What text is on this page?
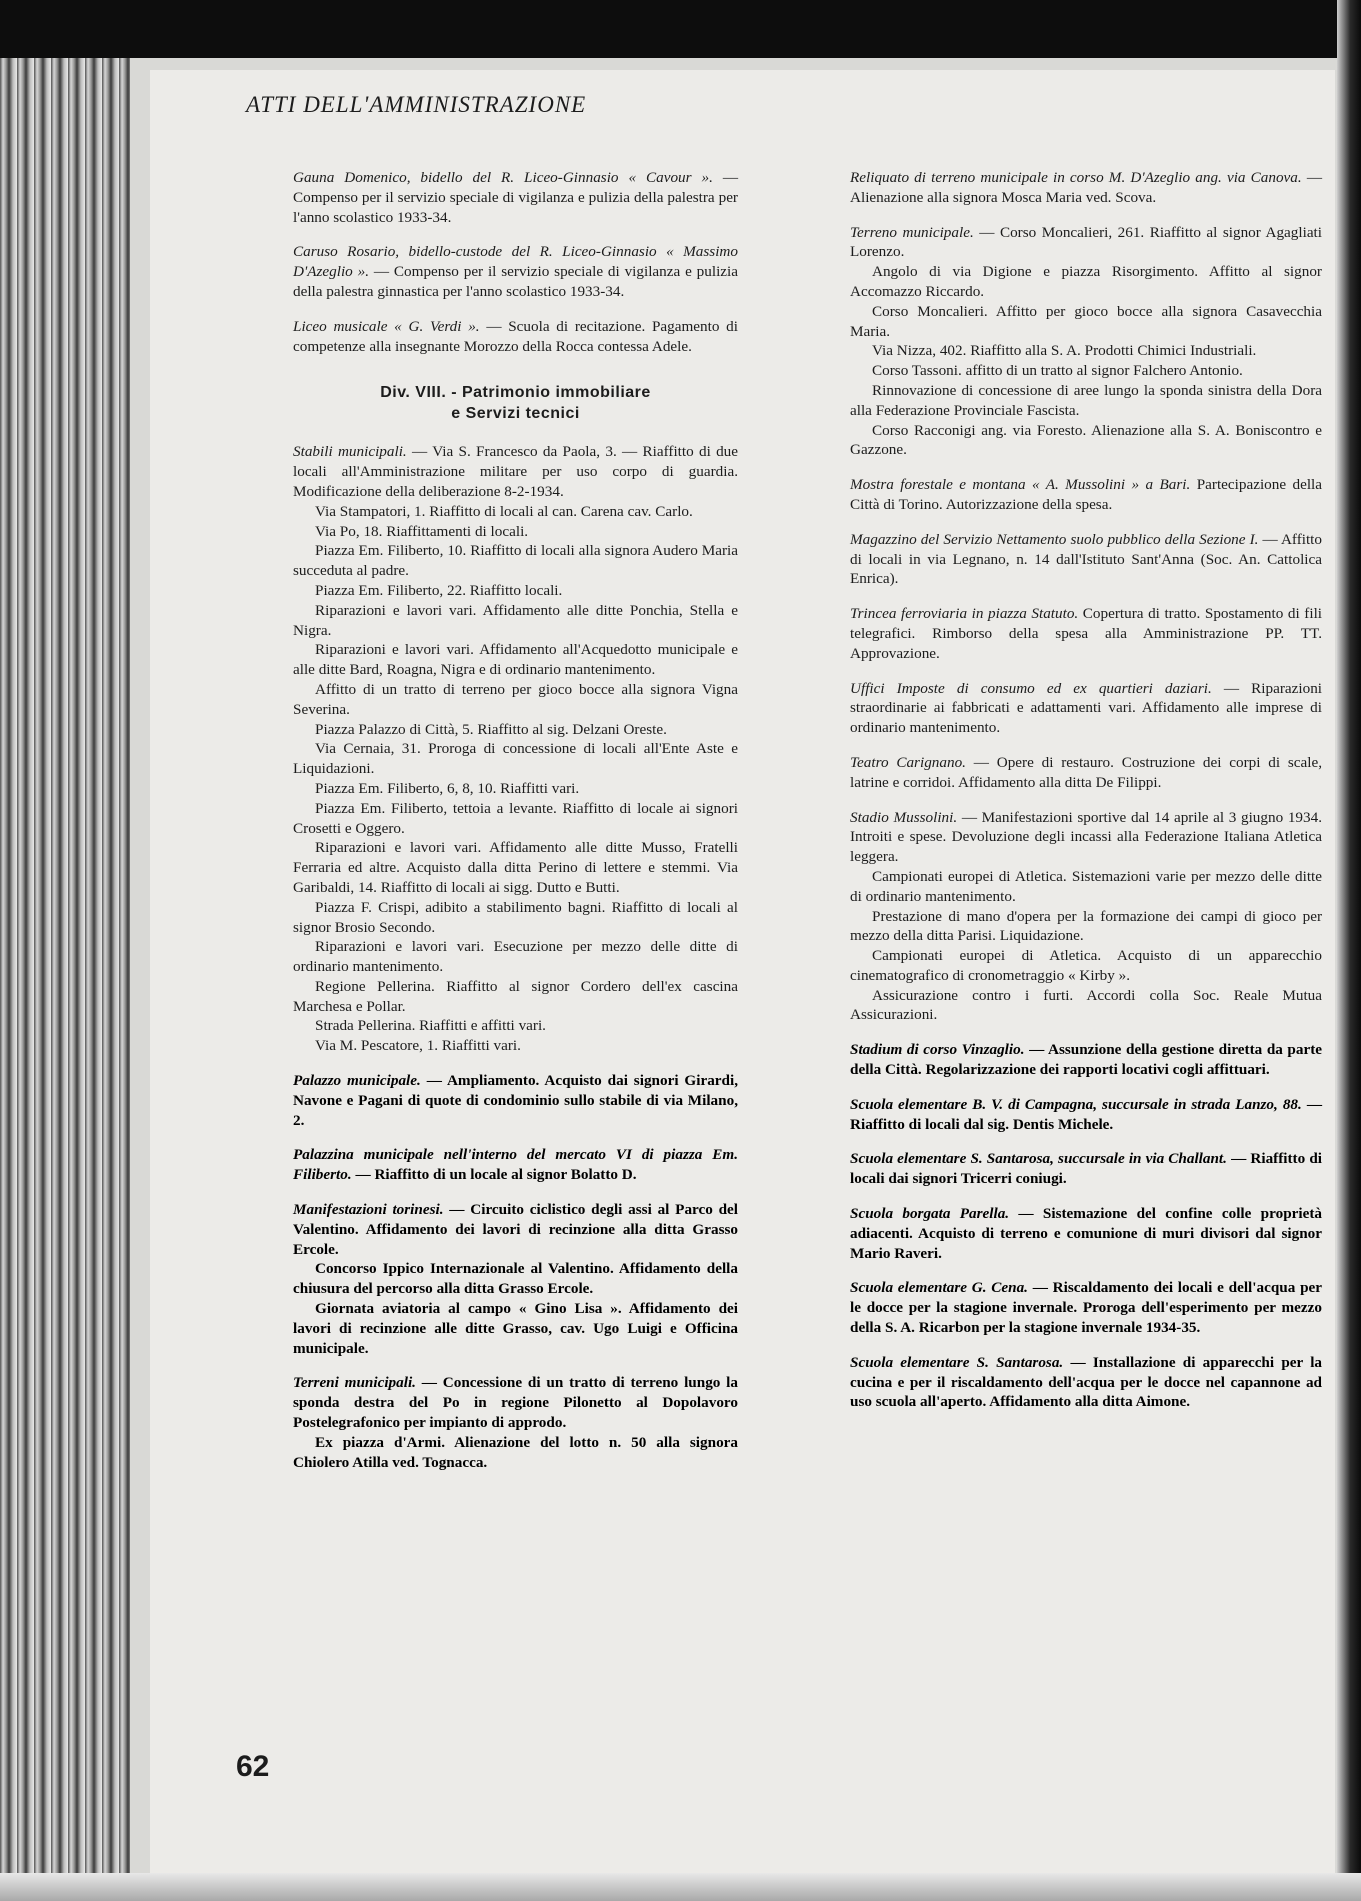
ATTI DELL'AMMINISTRAZIONE

Gauna Domenico, bidello del R. Liceo-Ginnasio « Cavour ». — Compenso per il servizio speciale di vigilanza e pulizia della palestra per l'anno scolastico 1933-34.

Caruso Rosario, bidello-custode del R. Liceo-Ginnasio « Massimo D'Azeglio ». — Compenso per il servizio speciale di vigilanza e pulizia della palestra ginnastica per l'anno scolastico 1933-34.

Liceo musicale « G. Verdi ». — Scuola di recitazione. Pagamento di competenze alla insegnante Morozzo della Rocca contessa Adele.

Div. VIII. - Patrimonio immobiliare
e Servizi tecnici

Stabili municipali. — Via S. Francesco da Paola, 3. — Riaffitto di due locali all'Amministrazione militare per uso corpo di guardia. Modificazione della deliberazione 8-2-1934.

Via Stampatori, 1. Riaffitto di locali al can. Carena cav. Carlo.

Via Po, 18. Riaffittamenti di locali.

Piazza Em. Filiberto, 10. Riaffitto di locali alla signora Audero Maria succeduta al padre.

Piazza Em. Filiberto, 22. Riaffitto locali.

Riparazioni e lavori vari. Affidamento alle ditte Ponchia, Stella e Nigra.

Riparazioni e lavori vari. Affidamento all'Acquedotto municipale e alle ditte Bard, Roagna, Nigra e di ordinario mantenimento.

Affitto di un tratto di terreno per gioco bocce alla signora Vigna Severina.

Piazza Palazzo di Città, 5. Riaffitto al sig. Delzani Oreste.

Via Cernaia, 31. Proroga di concessione di locali all'Ente Aste e Liquidazioni.

Piazza Em. Filiberto, 6, 8, 10. Riaffitti vari.

Piazza Em. Filiberto, tettoia a levante. Riaffitto di locale ai signori Crosetti e Oggero.

Riparazioni e lavori vari. Affidamento alle ditte Musso, Fratelli Ferraria ed altre. Acquisto dalla ditta Perino di lettere e stemmi. Via Garibaldi, 14. Riaffitto di locali ai sigg. Dutto e Butti.

Piazza F. Crispi, adibito a stabilimento bagni. Riaffitto di locali al signor Brosio Secondo.

Riparazioni e lavori vari. Esecuzione per mezzo delle ditte di ordinario mantenimento.

Regione Pellerina. Riaffitto al signor Cordero dell'ex cascina Marchesa e Pollar.

Strada Pellerina. Riaffitti e affitti vari.

Via M. Pescatore, 1. Riaffitti vari.

Palazzo municipale. — Ampliamento. Acquisto dai signori Girardi, Navone e Pagani di quote di condominio sullo stabile di via Milano, 2.

Palazzina municipale nell'interno del mercato VI di piazza Em. Filiberto. — Riaffitto di un locale al signor Bolatto D.

Manifestazioni torinesi. — Circuito ciclistico degli assi al Parco del Valentino. Affidamento dei lavori di recinzione alla ditta Grasso Ercole.

Concorso Ippico Internazionale al Valentino. Affidamento della chiusura del percorso alla ditta Grasso Ercole.

Giornata aviatoria al campo « Gino Lisa ». Affidamento dei lavori di recinzione alle ditte Grasso, cav. Ugo Luigi e Officina municipale.

Terreni municipali. — Concessione di un tratto di terreno lungo la sponda destra del Po in regione Pilonetto al Dopolavoro Postelegrafonico per impianto di approdo.

Ex piazza d'Armi. Alienazione del lotto n. 50 alla signora Chiolero Atilla ved. Tognacca.

Reliquato di terreno municipale in corso M. D'Azeglio ang. via Canova. — Alienazione alla signora Mosca Maria ved. Scova.

Terreno municipale. — Corso Moncalieri, 261. Riaffitto al signor Agagliati Lorenzo.

Angolo di via Digione e piazza Risorgimento. Affitto al signor Accomazzo Riccardo.

Corso Moncalieri. Affitto per gioco bocce alla signora Casavecchia Maria.

Via Nizza, 402. Riaffitto alla S. A. Prodotti Chimici Industriali.

Corso Tassoni. affitto di un tratto al signor Falchero Antonio.

Rinnovazione di concessione di aree lungo la sponda sinistra della Dora alla Federazione Provinciale Fascista.

Corso Racconigi ang. via Foresto. Alienazione alla S. A. Boniscontro e Gazzone.

Mostra forestale e montana « A. Mussolini » a Bari. Partecipazione della Città di Torino. Autorizzazione della spesa.

Magazzino del Servizio Nettamento suolo pubblico della Sezione I. — Affitto di locali in via Legnano, n. 14 dall'Istituto Sant'Anna (Soc. An. Cattolica Enrica).

Trincea ferroviaria in piazza Statuto. Copertura di tratto. Spostamento di fili telegrafici. Rimborso della spesa alla Amministrazione PP. TT. Approvazione.

Uffici Imposte di consumo ed ex quartieri daziari. — Riparazioni straordinarie ai fabbricati e adattamenti vari. Affidamento alle imprese di ordinario mantenimento.

Teatro Carignano. — Opere di restauro. Costruzione dei corpi di scale, latrine e corridoi. Affidamento alla ditta De Filippi.

Stadio Mussolini. — Manifestazioni sportive dal 14 aprile al 3 giugno 1934. Introiti e spese. Devoluzione degli incassi alla Federazione Italiana Atletica leggera.

Campionati europei di Atletica. Sistemazioni varie per mezzo delle ditte di ordinario mantenimento.

Prestazione di mano d'opera per la formazione dei campi di gioco per mezzo della ditta Parisi. Liquidazione.

Campionati europei di Atletica. Acquisto di un apparecchio cinematografico di cronometraggio « Kirby ».

Assicurazione contro i furti. Accordi colla Soc. Reale Mutua Assicurazioni.

Stadium di corso Vinzaglio. — Assunzione della gestione diretta da parte della Città. Regolarizzazione dei rapporti locativi cogli affittuari.

Scuola elementare B. V. di Campagna, succursale in strada Lanzo, 88. — Riaffitto di locali dal sig. Dentis Michele.

Scuola elementare S. Santarosa, succursale in via Challant. — Riaffitto di locali dai signori Tricerri coniugi.

Scuola borgata Parella. — Sistemazione del confine colle proprietà adiacenti. Acquisto di terreno e comunione di muri divisori dal signor Mario Raveri.

Scuola elementare G. Cena. — Riscaldamento dei locali e dell'acqua per le docce per la stagione invernale. Proroga dell'esperimento per mezzo della S. A. Ricarbon per la stagione invernale 1934-35.

Scuola elementare S. Santarosa. — Installazione di apparecchi per la cucina e per il riscaldamento dell'acqua per le docce nel capannone ad uso scuola all'aperto. Affidamento alla ditta Aimone.

62
